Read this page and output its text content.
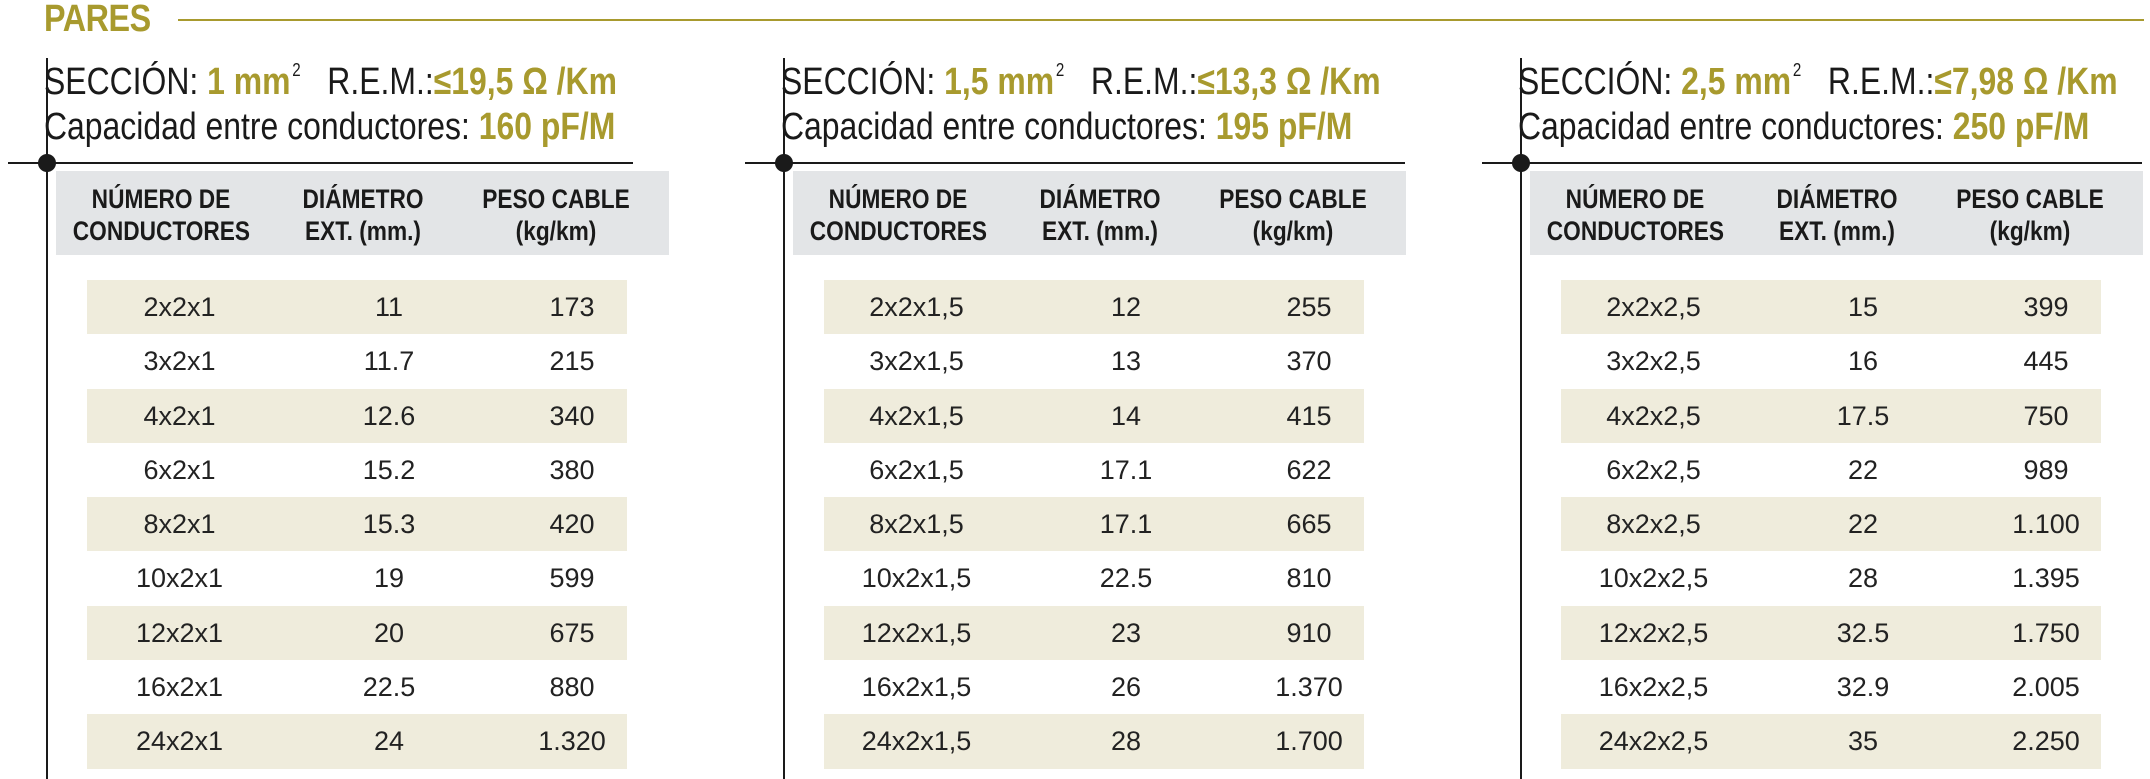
PARES
SECCIÓN: 1 $mm^2$ R.E.M.:≤19,5 Ω /Km
Capacidad entre conductores: 160 pF/M
NÚMERO DE
CONDUCTORES
DIÁMETRO
EXT. (mm.)
PESO CABLE
(kg/km)
2x2x1	11	173
3x2x1	11.7	215
4x2x1	12.6	340
6x2x1	15.2	380
8x2x1	15.3	420
10x2x1	19	599
12x2x1	20	675
16x2x1	22.5	880
24x2x1	24	1.320
SECCIÓN: 1,5 $mm^2$ R.E.M.:≤13,3 Ω /Km
Capacidad entre conductores: 195 pF/M
NÚMERO DE
CONDUCTORES
DIÁMETRO
EXT. (mm.)
PESO CABLE
(kg/km)
2x2x1,5	12	255
3x2x1,5	13	370
4x2x1,5	14	415
6x2x1,5	17.1	622
8x2x1,5	17.1	665
10x2x1,5	22.5	810
12x2x1,5	23	910
16x2x1,5	26	1.370
24x2x1,5	28	1.700
SECCIÓN: 2,5 $mm^2$ R.E.M.:≤7,98 Ω /Km
Capacidad entre conductores: 250 pF/M
NÚMERO DE
CONDUCTORES
DIÁMETRO
EXT. (mm.)
PESO CABLE
(kg/km)
2x2x2,5	15	399
3x2x2,5	16	445
4x2x2,5	17.5	750
6x2x2,5	22	989
8x2x2,5	22	1.100
10x2x2,5	28	1.395
12x2x2,5	32.5	1.750
16x2x2,5	32.9	2.005
24x2x2,5	35	2.250
